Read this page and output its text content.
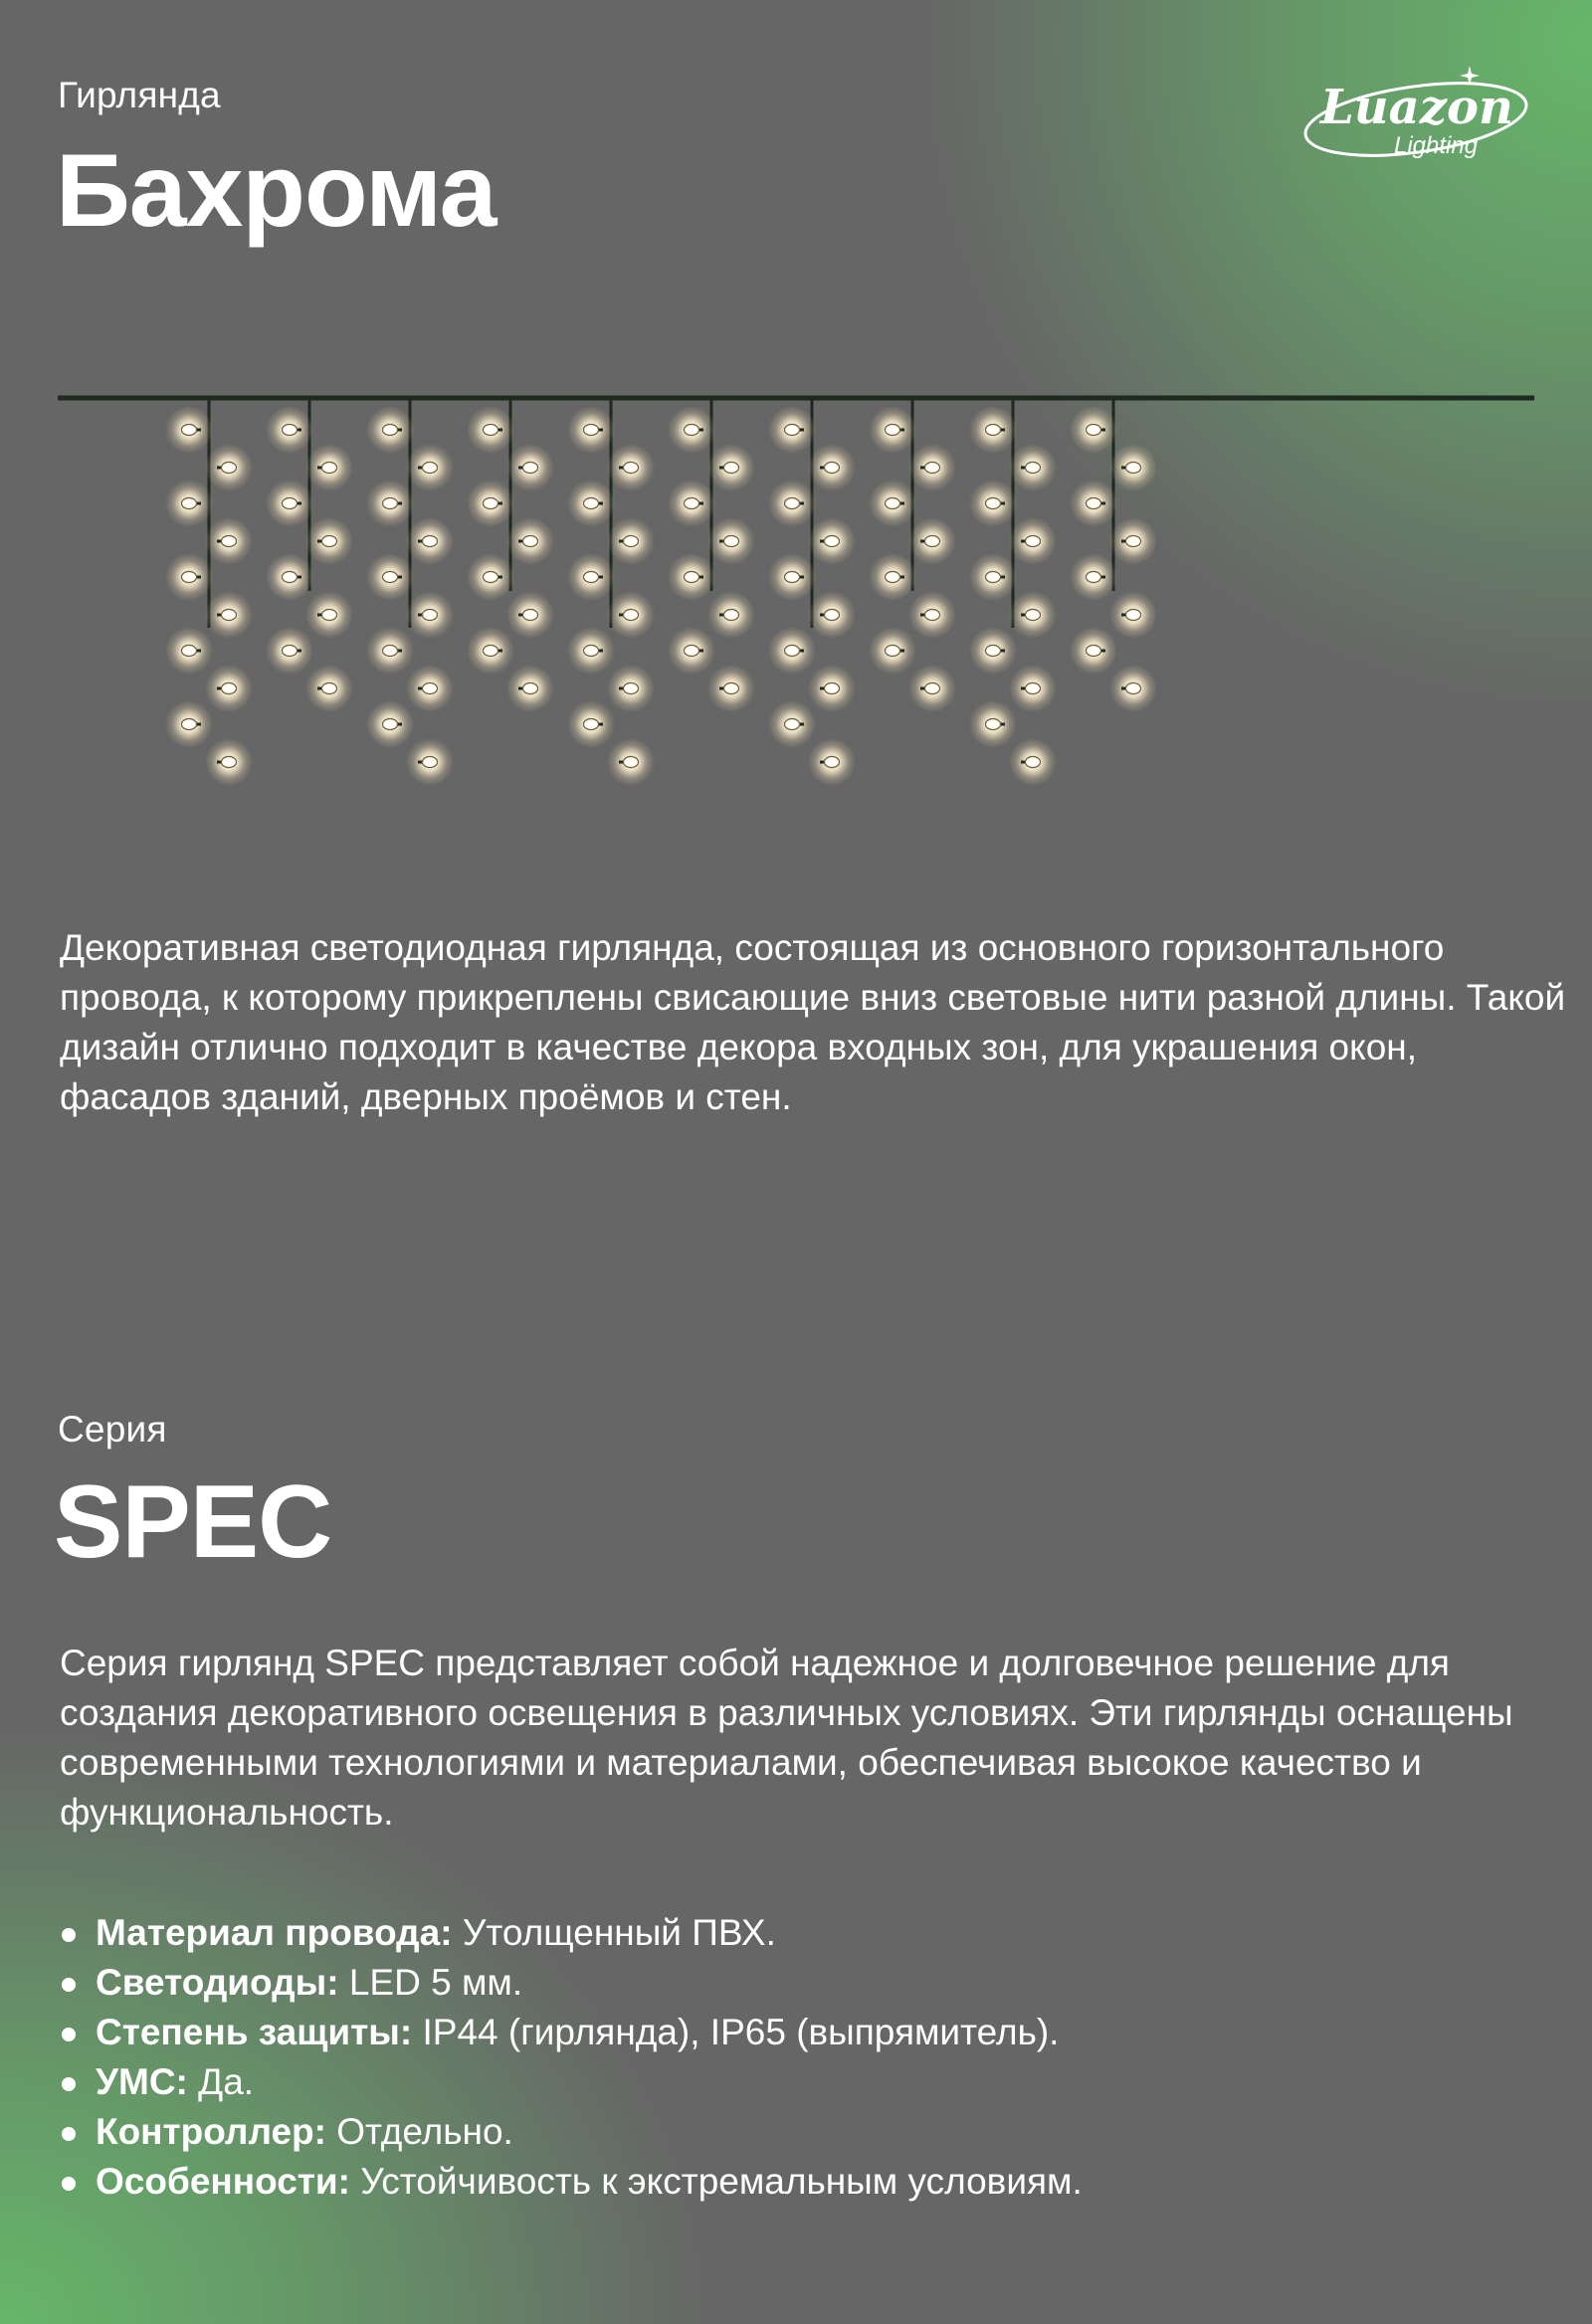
Гирлянда
Бахрома
Luazon
Lighting
Декоративная светодиодная гирлянда, состоящая из основного горизонтального провода, к которому прикреплены свисающие вниз световые нити разной длины. Такой дизайн отлично подходит в качестве декора входных зон, для украшения окон, фасадов зданий, дверных проёмов и стен.
Серия
SPEC
Серия гирлянд SPEC представляет собой надежное и долговечное решение для создания декоративного освещения в различных условиях. Эти гирлянды оснащены современными технологиями и материалами, обеспечивая высокое качество и функциональность.
Материал провода: Утолщенный ПВХ.
Светодиоды: LED 5 мм.
Степень защиты: IP44 (гирлянда), IP65 (выпрямитель).
УМС: Да.
Контроллер: Отдельно.
Особенности: Устойчивость к экстремальным условиям.
